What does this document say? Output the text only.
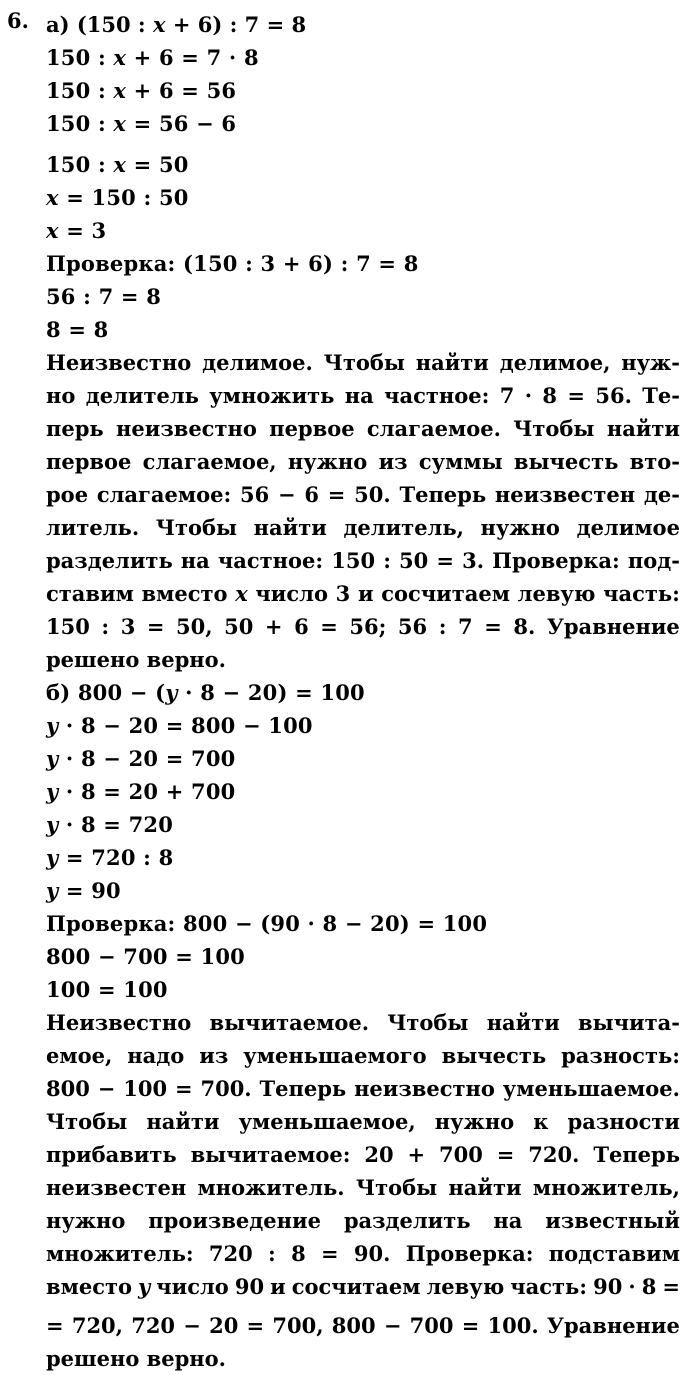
6. а) (150 : x + 6) : 7 = 8
150 : x + 6 = 7 · 8
150 : x + 6 = 56
150 : x = 56 − 6
150 : x = 50
x = 150 : 50
x = 3
Проверка: (150 : 3 + 6) : 7 = 8
56 : 7 = 8
8 = 8
Неизвестно делимое. Чтобы найти делимое, нуж-
но делитель умножить на частное: 7 · 8 = 56. Те-
перь неизвестно первое слагаемое. Чтобы найти
первое слагаемое, нужно из суммы вычесть вто-
рое слагаемое: 56 − 6 = 50. Теперь неизвестен де-
литель. Чтобы найти делитель, нужно делимое
разделить на частное: 150 : 50 = 3. Проверка: под-
ставим вместо x число 3 и сосчитаем левую часть:
150 : 3 = 50, 50 + 6 = 56; 56 : 7 = 8. Уравнение
решено верно.
б) 800 − (y · 8 − 20) = 100
y · 8 − 20 = 800 − 100
y · 8 − 20 = 700
y · 8 = 20 + 700
y · 8 = 720
y = 720 : 8
y = 90
Проверка: 800 − (90 · 8 − 20) = 100
800 − 700 = 100
100 = 100
Неизвестно вычитаемое. Чтобы найти вычита-
емое, надо из уменьшаемого вычесть разность:
800 − 100 = 700. Теперь неизвестно уменьшаемое.
Чтобы найти уменьшаемое, нужно к разности
прибавить вычитаемое: 20 + 700 = 720. Теперь
неизвестен множитель. Чтобы найти множитель,
нужно произведение разделить на известный
множитель: 720 : 8 = 90. Проверка: подставим
вместо y число 90 и сосчитаем левую часть: 90 · 8 =
= 720, 720 − 20 = 700, 800 − 700 = 100. Уравнение
решено верно.
